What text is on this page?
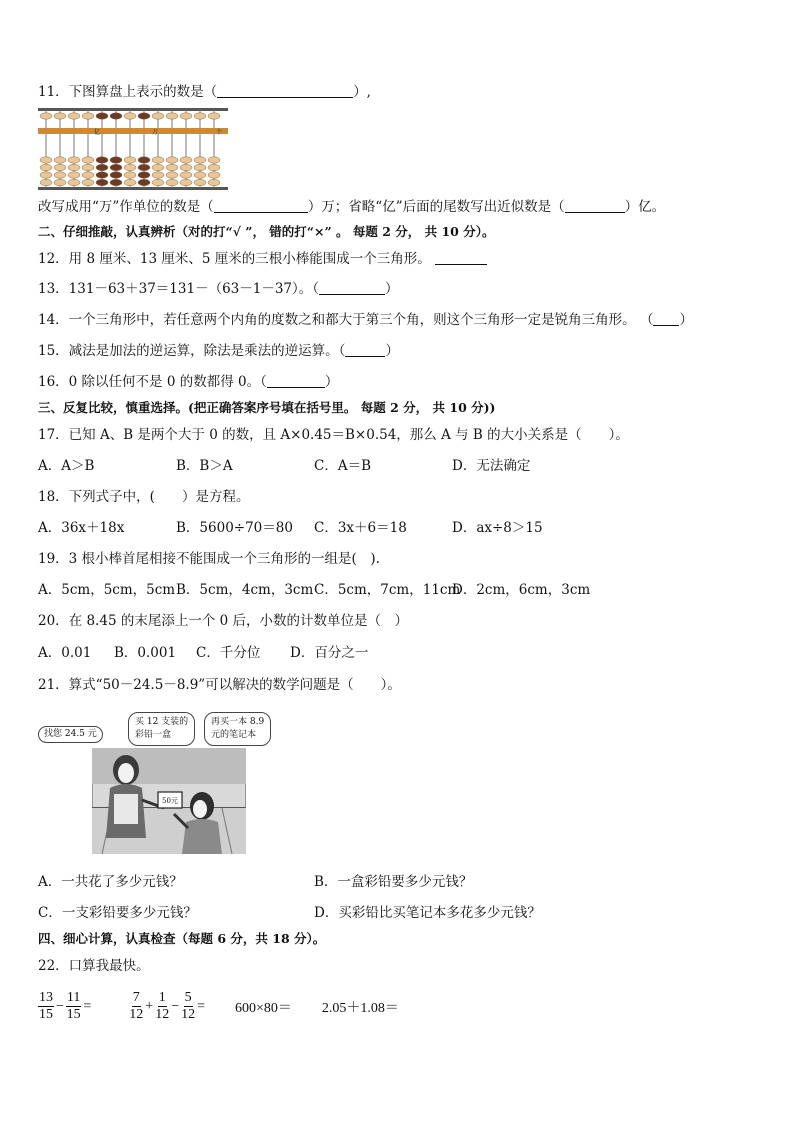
11．下图算盘上表示的数是（	）,
亿	万	个
改写成用“万”作单位的数是（	）万；省略“亿”后面的尾数写出近似数是（	）亿。
二、仔细推敲，认真辨析（对的打“√ ”， 错的打“×” 。 每题 2 分， 共 10 分）。
12．用 8 厘米、13 厘米、5 厘米的三根小棒能围成一个三角形。
13．131－63＋37＝131－（63－1－37）。（	）
14．一个三角形中，若任意两个内角的度数之和都大于第三个角，则这个三角形一定是锐角三角形。 （ ）
15．减法是加法的逆运算，除法是乘法的逆运算。（	）
16．0 除以任何不是 0 的数都得 0。（	）
三、反复比较，慎重选择。(把正确答案序号填在括号里。 每题 2 分， 共 10 分))
17．已知 A、B 是两个大于 0 的数，且 A×0.45＝B×0.54，那么 A 与 B 的大小关系是（　　）。
A．A＞B	B．B＞A	C．A＝B	D．无法确定
18．下列式子中，(　　）是方程。
A．36x＋18x	B．5600÷70＝80 C．3x＋6＝18	D．ax÷8＞15
19．3 根小棒首尾相接不能围成一个三角形的一组是(　).
A．5cm，5cm，5cm B．5cm，4cm，3cm C．5cm，7cm，11cm
D．2cm，6cm，3cm
20．在 8.45 的末尾添上一个 0 后，小数的计数单位是（　）
A．0.01 B．0.001 C．千分位 D．百分之一
21．算式“50－24.5－8.9”可以解决的数学问题是（　　）。
50元
找您 24.5 元
买 12 支装的
彩铅一盒
再买一本 8.9
元的笔记本
A．一共花了多少元钱？	B．一盒彩铅要多少元钱？
C．一支彩铅要多少元钱？	D．买彩铅比买笔记本多花多少元钱？
四、细心计算，认真检查（每题 6 分，共 18 分）。
22．口算我最快。
$\frac{13}{15} - \frac{11}{15}$ =	$\frac{7}{12} + \frac{1}{12} - \frac{5}{12} = 600\times 80= 2.05+1.08=$
